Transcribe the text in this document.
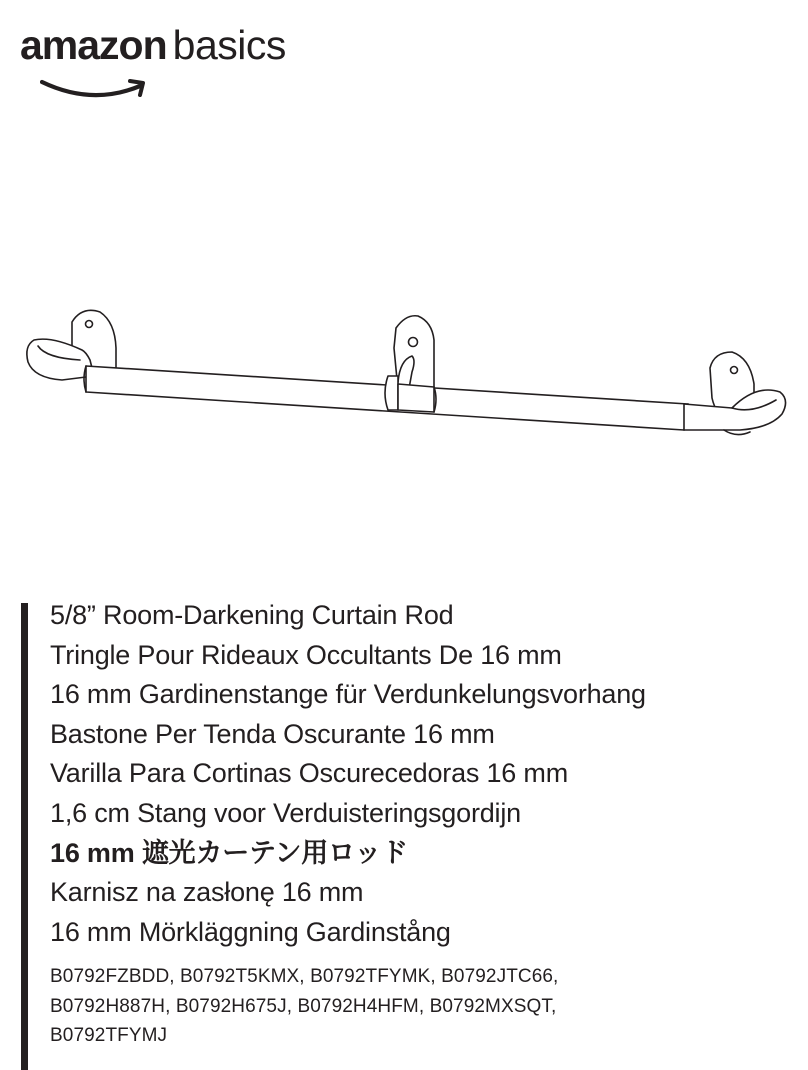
amazon basics
5/8” Room-Darkening Curtain Rod
Tringle Pour Rideaux Occultants De 16 mm
16 mm Gardinenstange für Verdunkelungsvorhang
Bastone Per Tenda Oscurante 16 mm
Varilla Para Cortinas Oscurecedoras 16 mm
1,6 cm Stang voor Verduisteringsgordijn
16 mm 遮光カーテン用ロッド
Karnisz na zasłonę 16 mm
16 mm Mörkläggning Gardinstång
B0792FZBDD, B0792T5KMX, B0792TFYMK, B0792JTC66,
B0792H887H, B0792H675J, B0792H4HFM, B0792MXSQT,
B0792TFYMJ
